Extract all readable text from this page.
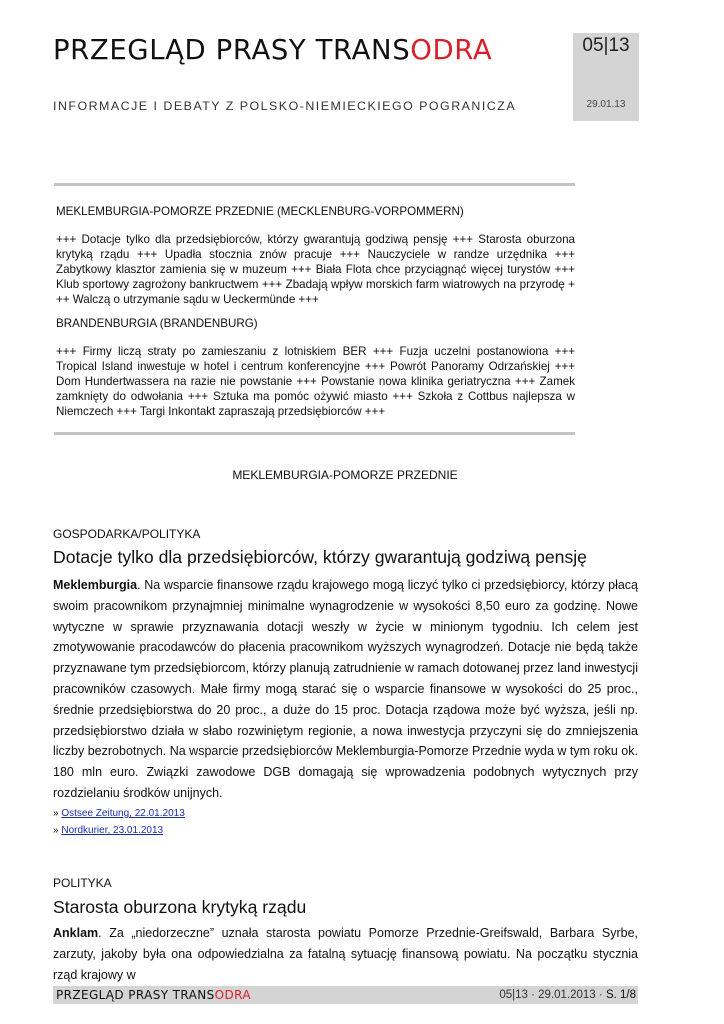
PRZEGLĄD PRASY TRANSODRA
INFORMACJE I DEBATY Z POLSKO-NIEMIECKIEGO POGRANICZA
05|13
29.01.13
MEKLEMBURGIA-POMORZE PRZEDNIE (MECKLENBURG-VORPOMMERN)
+++ Dotacje tylko dla przedsiębiorców, którzy gwarantują godziwą pensję +++ Starosta oburzona krytyką rządu +++ Upadła stocznia znów pracuje +++ Nauczyciele w randze urzędnika +++ Zabytkowy klasztor zamienia się w muzeum +++ Biała Flota chce przyciągnąć więcej turystów +++ Klub sportowy zagrożony bankructwem +++ Zbadają wpływ morskich farm wiatrowych na przyrodę + ++ Walczą o utrzymanie sądu w Ueckermünde +++
BRANDENBURGIA (BRANDENBURG)
+++ Firmy liczą straty po zamieszaniu z lotniskiem BER +++ Fuzja uczelni postanowiona +++ Tropical Island inwestuje w hotel i centrum konferencyjne +++ Powrót Panoramy Odrzańskiej +++ Dom Hundertwassera na razie nie powstanie +++ Powstanie nowa klinika geriatryczna +++ Zamek zamknięty do odwołania +++ Sztuka ma pomóc ożywić miasto +++ Szkoła z Cottbus najlepsza w Niemczech +++ Targi Inkontakt zapraszają przedsiębiorców +++
MEKLEMBURGIA-POMORZE PRZEDNIE
GOSPODARKA/POLITYKA
Dotacje tylko dla przedsiębiorców, którzy gwarantują godziwą pensję
Meklemburgia. Na wsparcie finansowe rządu krajowego mogą liczyć tylko ci przedsiębiorcy, którzy płacą swoim pracownikom przynajmniej minimalne wynagrodzenie w wysokości 8,50 euro za godzinę. Nowe wytyczne w sprawie przyznawania dotacji weszły w życie w minionym tygodniu. Ich celem jest zmotywowanie pracodawców do płacenia pracownikom wyższych wynagrodzeń. Dotacje nie będą także przyznawane tym przedsiębiorcom, którzy planują zatrudnienie w ramach dotowanej przez land inwestycji pracowników czasowych. Małe firmy mogą starać się o wsparcie finansowe w wysokości do 25 proc., średnie przedsiębiorstwa do 20 proc., a duże do 15 proc. Dotacja rządowa może być wyższa, jeśli np. przedsiębiorstwo działa w słabo rozwiniętym regionie, a nowa inwestycja przyczyni się do zmniejszenia liczby bezrobotnych. Na wsparcie przedsiębiorców Meklemburgia-Pomorze Przednie wyda w tym roku ok. 180 mln euro. Związki zawodowe DGB domagają się wprowadzenia podobnych wytycznych przy rozdzielaniu środków unijnych.
» Ostsee Zeitung, 22.01.2013
» Nordkurier, 23.01.2013
POLITYKA
Starosta oburzona krytyką rządu
Anklam. Za „niedorzeczne” uznała starosta powiatu Pomorze Przednie-Greifswald, Barbara Syrbe, zarzuty, jakoby była ona odpowiedzialna za fatalną sytuację finansową powiatu. Na początku stycznia rząd krajowy w
PRZEGLĄD PRASY TRANSODRA	05|13 · 29.01.2013 · S. 1/8
